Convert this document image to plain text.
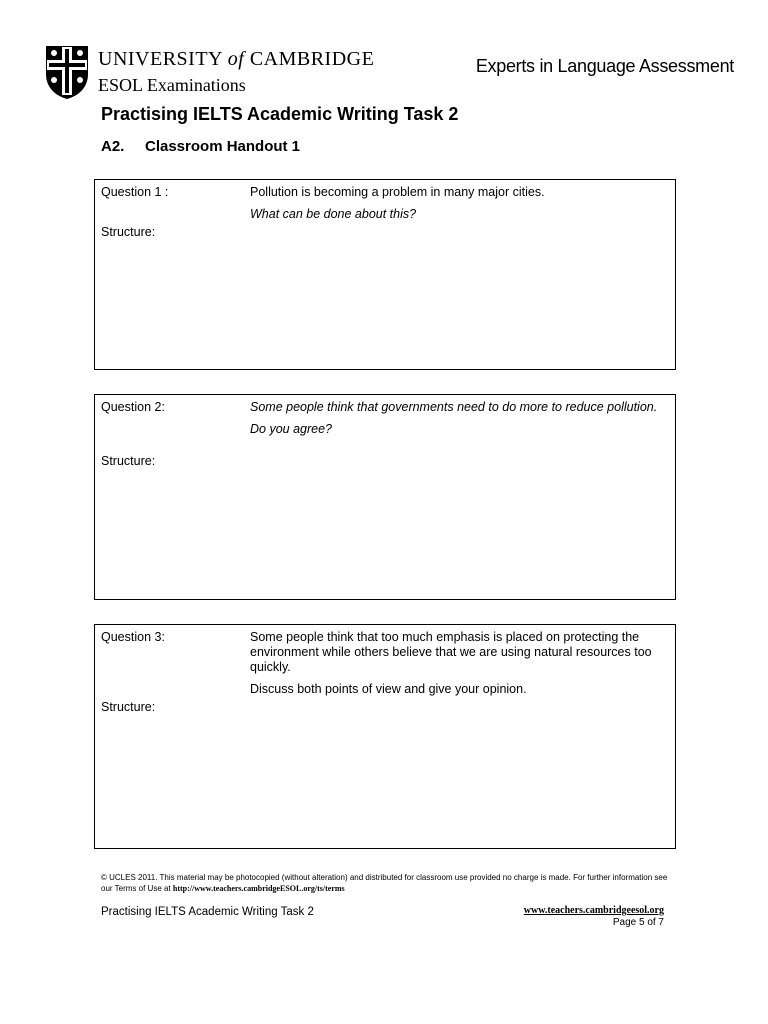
UNIVERSITY of CAMBRIDGE
ESOL Examinations
Experts in Language Assessment
Practising IELTS Academic Writing Task 2
A2. Classroom Handout 1
Question 1 :	Pollution is becoming a problem in many major cities.

What can be done about this?

Structure:
Question 2:	Some people think that governments need to do more to reduce pollution.

Do you agree?

Structure:
Question 3:	Some people think that too much emphasis is placed on protecting the environment while others believe that we are using natural resources too quickly.

Discuss both points of view and give your opinion.

Structure:
© UCLES 2011. This material may be photocopied (without alteration) and distributed for classroom use provided no charge is made. For further information see our Terms of Use at http://www.teachers.cambridgeESOL.org/ts/terms
Practising IELTS Academic Writing Task 2	www.teachers.cambridgeesol.org
Page 5 of 7
